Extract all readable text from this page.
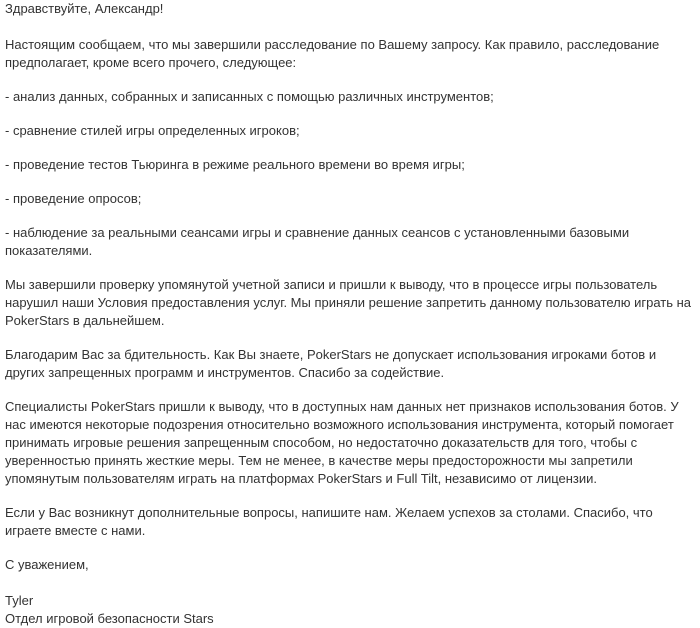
Здравствуйте, Александр!

Настоящим сообщаем, что мы завершили расследование по Вашему запросу. Как правило, расследование предполагает, кроме всего прочего, следующее:

- анализ данных, собранных и записанных с помощью различных инструментов;

- сравнение стилей игры определенных игроков;

- проведение тестов Тьюринга в режиме реального времени во время игры;

- проведение опросов;

- наблюдение за реальными сеансами игры и сравнение данных сеансов с установленными базовыми показателями.

Мы завершили проверку упомянутой учетной записи и пришли к выводу, что в процессе игры пользователь нарушил наши Условия предоставления услуг. Мы приняли решение запретить данному пользователю играть на PokerStars в дальнейшем.

Благодарим Вас за бдительность. Как Вы знаете, PokerStars не допускает использования игроками ботов и других запрещенных программ и инструментов. Спасибо за содействие.

Специалисты PokerStars пришли к выводу, что в доступных нам данных нет признаков использования ботов. У нас имеются некоторые подозрения относительно возможного использования инструмента, который помогает принимать игровые решения запрещенным способом, но недостаточно доказательств для того, чтобы с уверенностью принять жесткие меры. Тем не менее, в качестве меры предосторожности мы запретили упомянутым пользователям играть на платформах PokerStars и Full Tilt, независимо от лицензии.

Если у Вас возникнут дополнительные вопросы, напишите нам. Желаем успехов за столами. Спасибо, что играете вместе с нами.

С уважением,

Tyler

Отдел игровой безопасности Stars
